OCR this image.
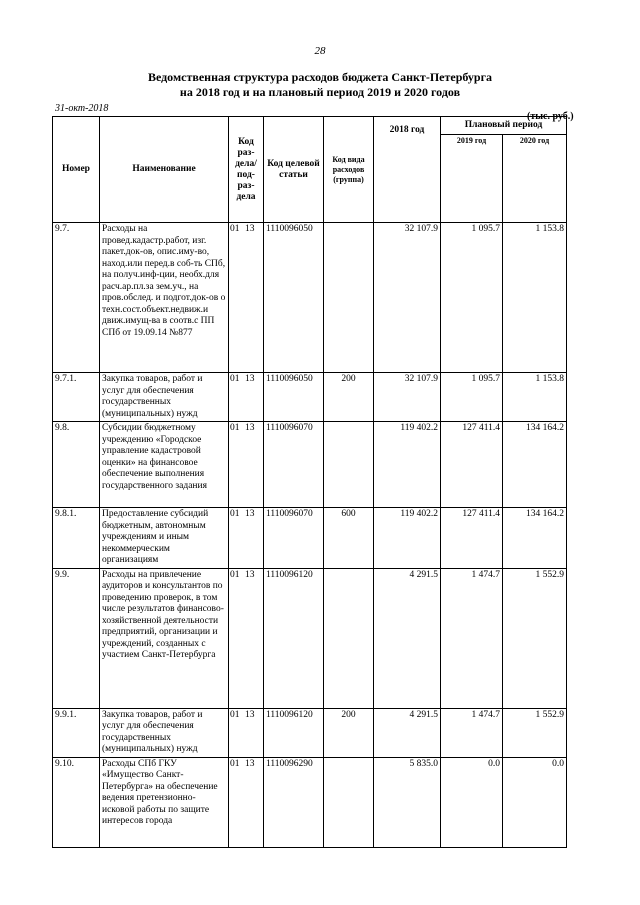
28
Ведомственная структура расходов бюджета Санкт-Петербурга
на 2018 год и на плановый период 2019 и 2020 годов
31-окт-2018
(тыс. руб.)
Номер	Наименование	Код раз-дела/ под-раз-дела	Код целевой статьи	Код вида расходов (группа)	2018 год	Плановый период	
						2019 год	2020 год
9.7.	Расходы на провед.кадастр.работ, изг. пакет.док-ов, опис.иму-во, наход.или перед.в соб-ть СПб, на получ.инф-ции, необх.для расч.ар.пл.за зем.уч., на пров.обслед. и подгот.док-ов о техн.сост.объект.недвиж.и движ.имущ-ва в соотв.с ПП СПб от 19.09.14 №877	01 13	1110096050		32 107.9	1 095.7	1 153.8
9.7.1.	Закупка товаров, работ и услуг для обеспечения государственных (муниципальных) нужд	01 13	1110096050	200	32 107.9	1 095.7	1 153.8
9.8.	Субсидии бюджетному учреждению «Городское управление кадастровой оценки» на финансовое обеспечение выполнения государственного задания	01 13	1110096070		119 402.2	127 411.4	134 164.2
9.8.1.	Предоставление субсидий бюджетным, автономным учреждениям и иным некоммерческим организациям	01 13	1110096070	600	119 402.2	127 411.4	134 164.2
9.9.	Расходы на привлечение аудиторов и консультантов по проведению проверок, в том числе результатов финансово-хозяйственной деятельности предприятий, организации и учреждений, созданных с участием Санкт-Петербурга	01 13	1110096120		4 291.5	1 474.7	1 552.9
9.9.1.	Закупка товаров, работ и услуг для обеспечения государственных (муниципальных) нужд	01 13	1110096120	200	4 291.5	1 474.7	1 552.9
9.10.	Расходы СПб ГКУ «Имущество Санкт-Петербурга» на обеспечение ведения претензионно-исковой работы по защите интересов города	01 13	1110096290		5 835.0	0.0	0.0
